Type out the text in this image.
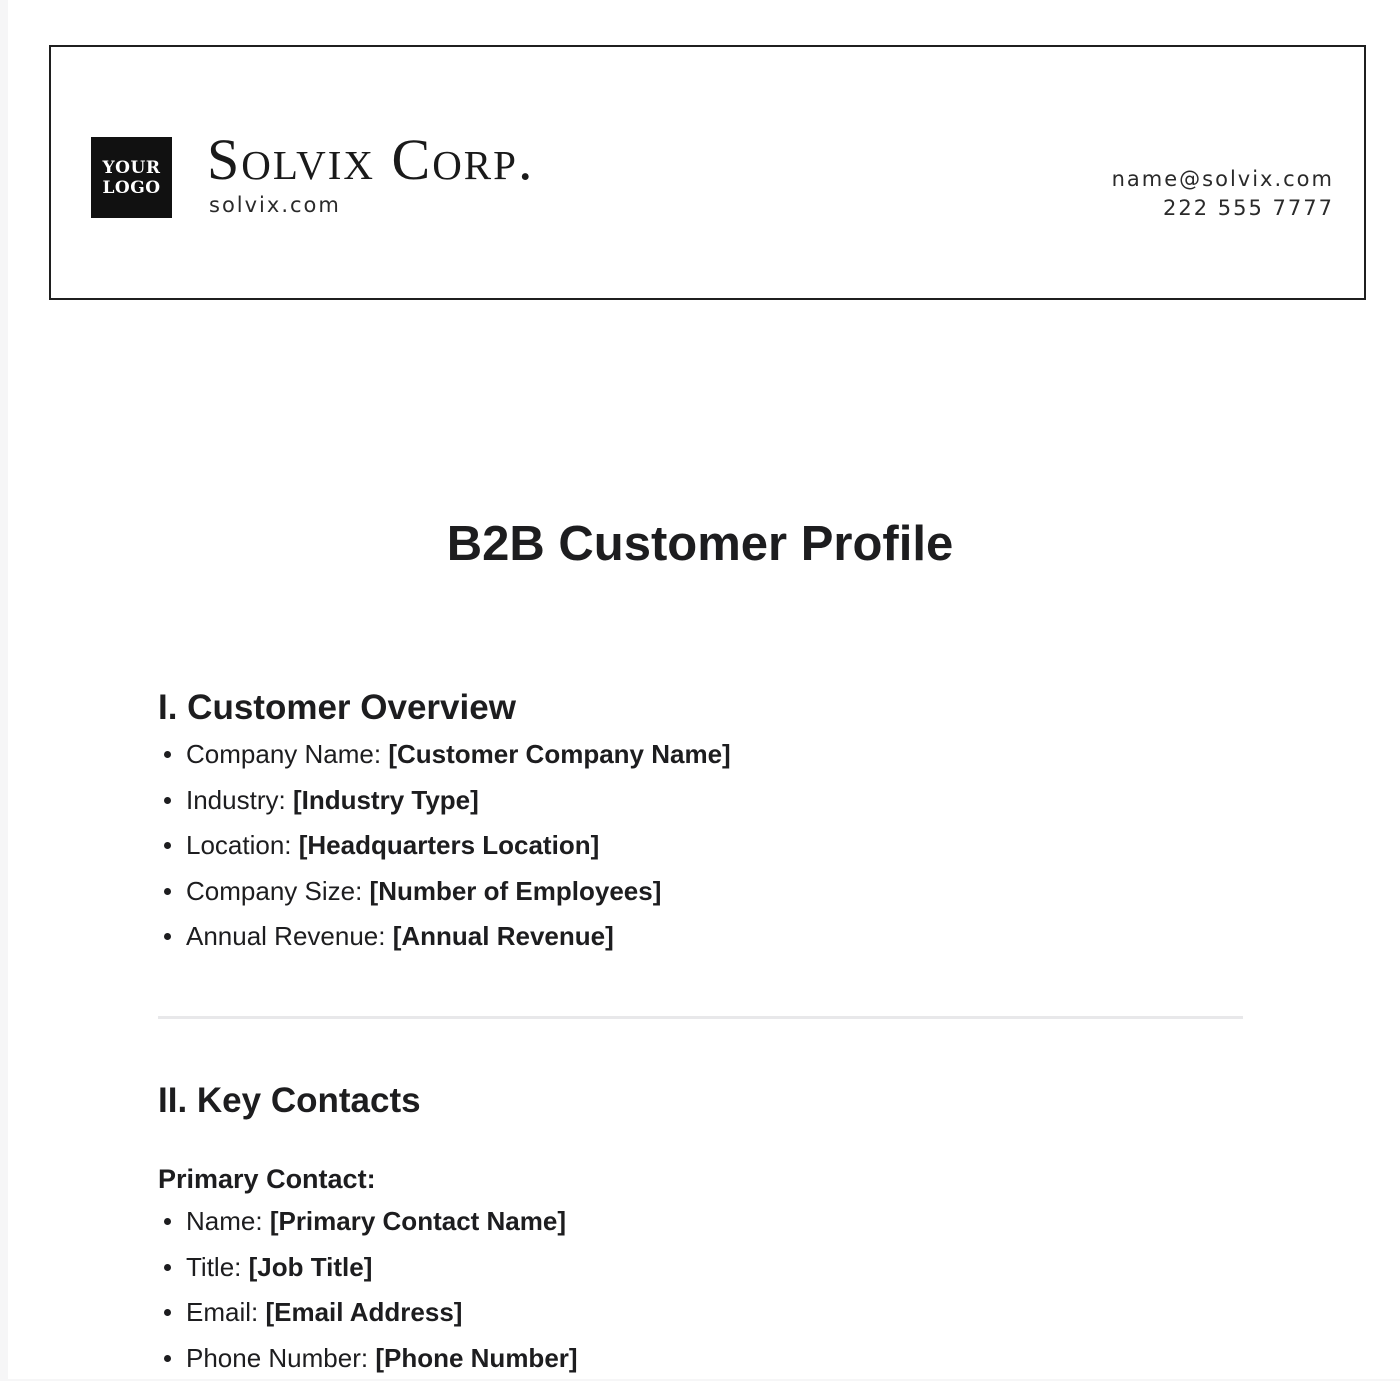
YOUR
LOGO Solvix Corp.
solvix.com
name@solvix.com
222 555 7777
B2B Customer Profile
I. Customer Overview
Company Name: [Customer Company Name]
Industry: [Industry Type]
Location: [Headquarters Location]
Company Size: [Number of Employees]
Annual Revenue: [Annual Revenue]
II. Key Contacts
Primary Contact:
Name: [Primary Contact Name]
Title: [Job Title]
Email: [Email Address]
Phone Number: [Phone Number]
